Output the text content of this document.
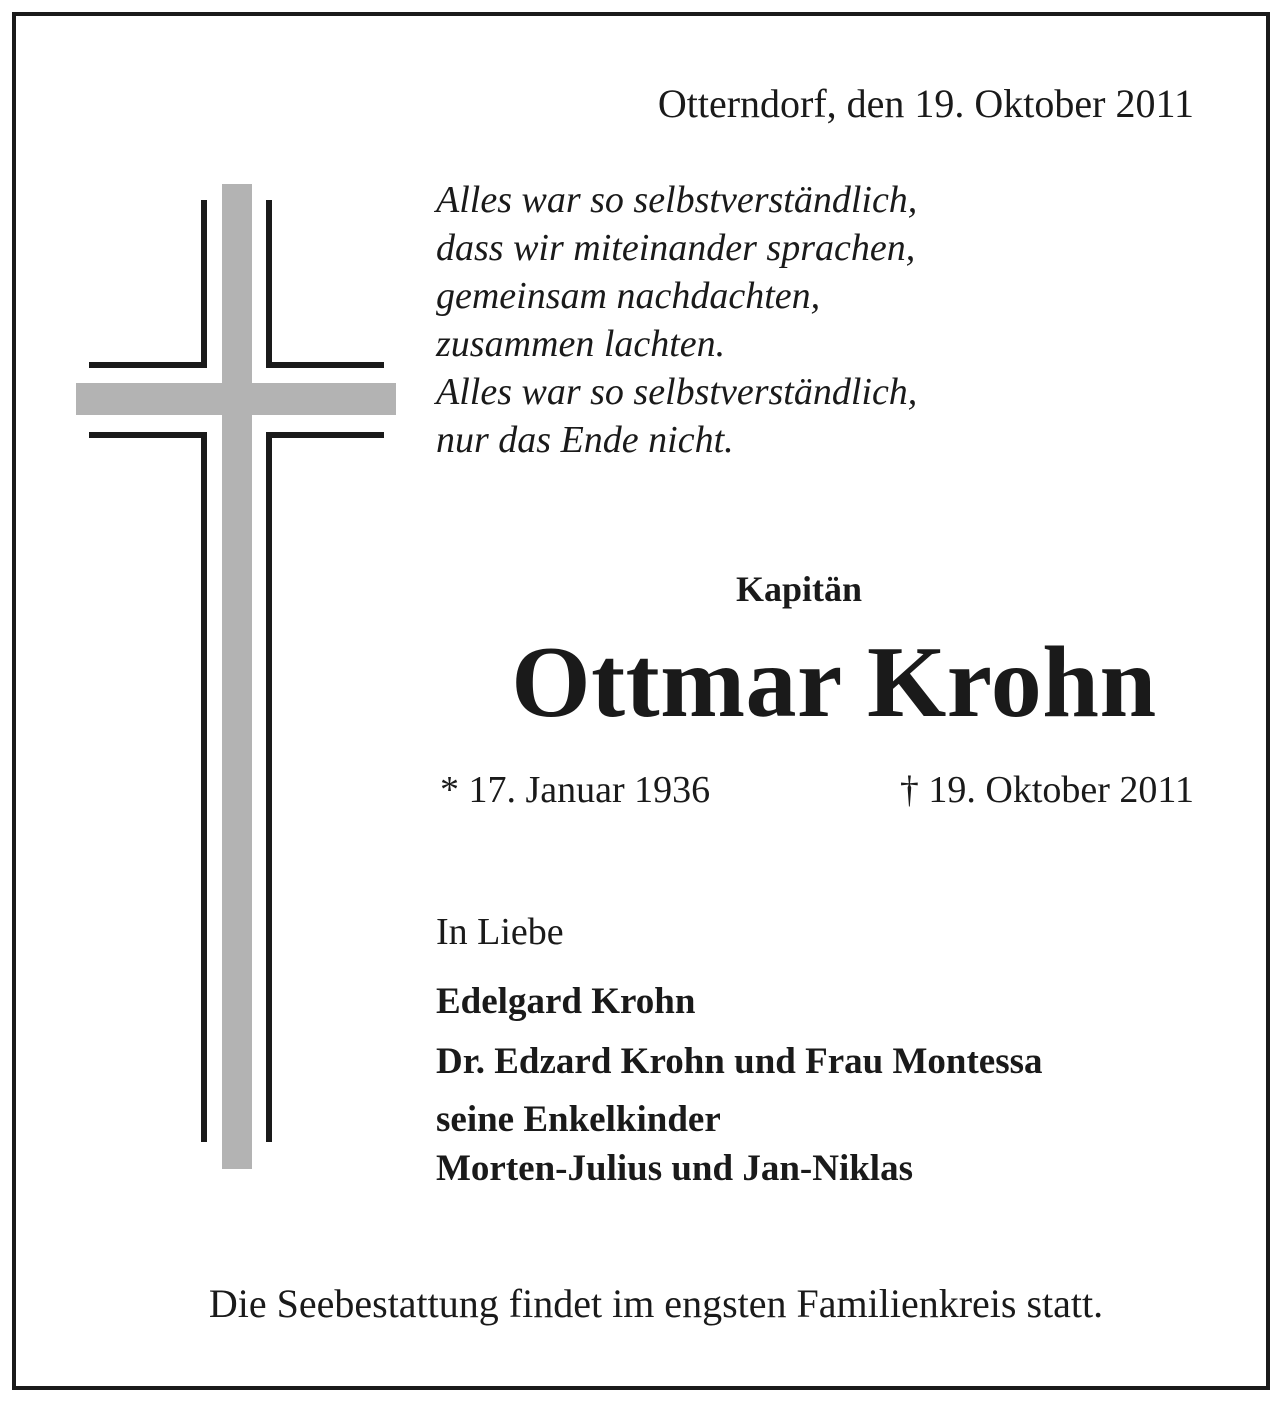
Otterndorf, den 19. Oktober 2011

Alles war so selbstverständlich,
dass wir miteinander sprachen,
gemeinsam nachdachten,
zusammen lachten.
Alles war so selbstverständlich,
nur das Ende nicht.

Kapitän

Ottmar Krohn

* 17. Januar 1936	† 19. Oktober 2011

In Liebe

Edelgard Krohn
Dr. Edzard Krohn und Frau Montessa
seine Enkelkinder
Morten-Julius und Jan-Niklas

Die Seebestattung findet im engsten Familienkreis statt.
